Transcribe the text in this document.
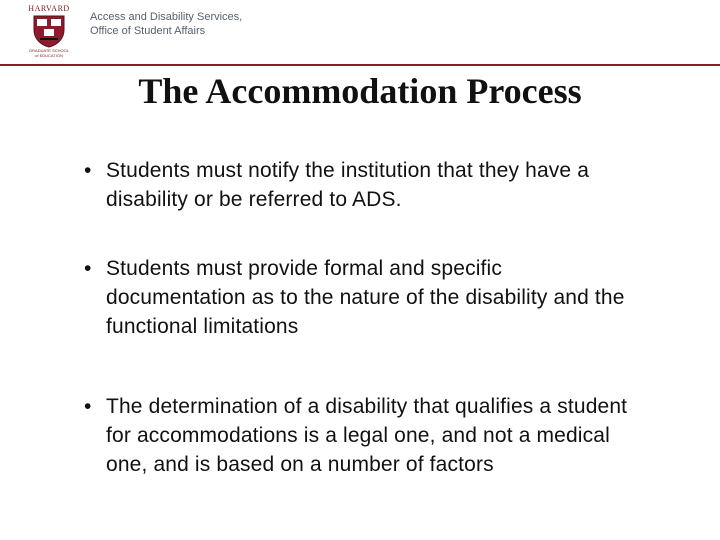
HARVARD
GRADUATE SCHOOL
of EDUCATION
Access and Disability Services,
Office of Student Affairs
The Accommodation Process
• Students must notify the institution that they have a disability or be referred to ADS.
• Students must provide formal and specific documentation as to the nature of the disability and the functional limitations
• The determination of a disability that qualifies a student for accommodations is a legal one, and not a medical one, and is based on a number of factors
